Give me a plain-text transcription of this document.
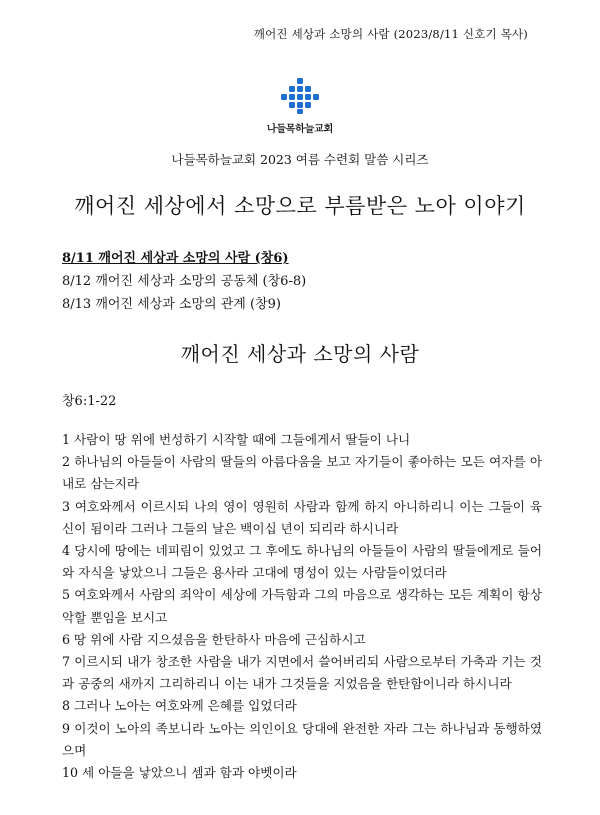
깨어진 세상과 소망의 사람 (2023/8/11 신호기 목사)
나들목하늘교회
나들목하늘교회 2023 여름 수련회 말씀 시리즈
깨어진 세상에서 소망으로 부름받은 노아 이야기
8/11 깨어진 세상과 소망의 사람 (창6)
8/12 깨어진 세상과 소망의 공동체 (창6-8)
8/13 깨어진 세상과 소망의 관계 (창9)
깨어진 세상과 소망의 사람
창6:1-22

1 사람이 땅 위에 번성하기 시작할 때에 그들에게서 딸들이 나니

2 하나님의 아들들이 사람의 딸들의 아름다움을 보고 자기들이 좋아하는 모든 여자를 아내로 삼는지라

3 여호와께서 이르시되 나의 영이 영원히 사람과 함께 하지 아니하리니 이는 그들이 육신이 됨이라 그러나 그들의 날은 백이십 년이 되리라 하시니라

4 당시에 땅에는 네피림이 있었고 그 후에도 하나님의 아들들이 사람의 딸들에게로 들어와 자식을 낳았으니 그들은 용사라 고대에 명성이 있는 사람들이었더라

5 여호와께서 사람의 죄악이 세상에 가득함과 그의 마음으로 생각하는 모든 계획이 항상 악할 뿐임을 보시고

6 땅 위에 사람 지으셨음을 한탄하사 마음에 근심하시고

7 이르시되 내가 창조한 사람을 내가 지면에서 쓸어버리되 사람으로부터 가축과 기는 것과 공중의 새까지 그리하리니 이는 내가 그것들을 지었음을 한탄함이니라 하시니라

8 그러나 노아는 여호와께 은혜를 입었더라

9 이것이 노아의 족보니라 노아는 의인이요 당대에 완전한 자라 그는 하나님과 동행하였으며

10 세 아들을 낳았으니 셈과 함과 야벳이라
